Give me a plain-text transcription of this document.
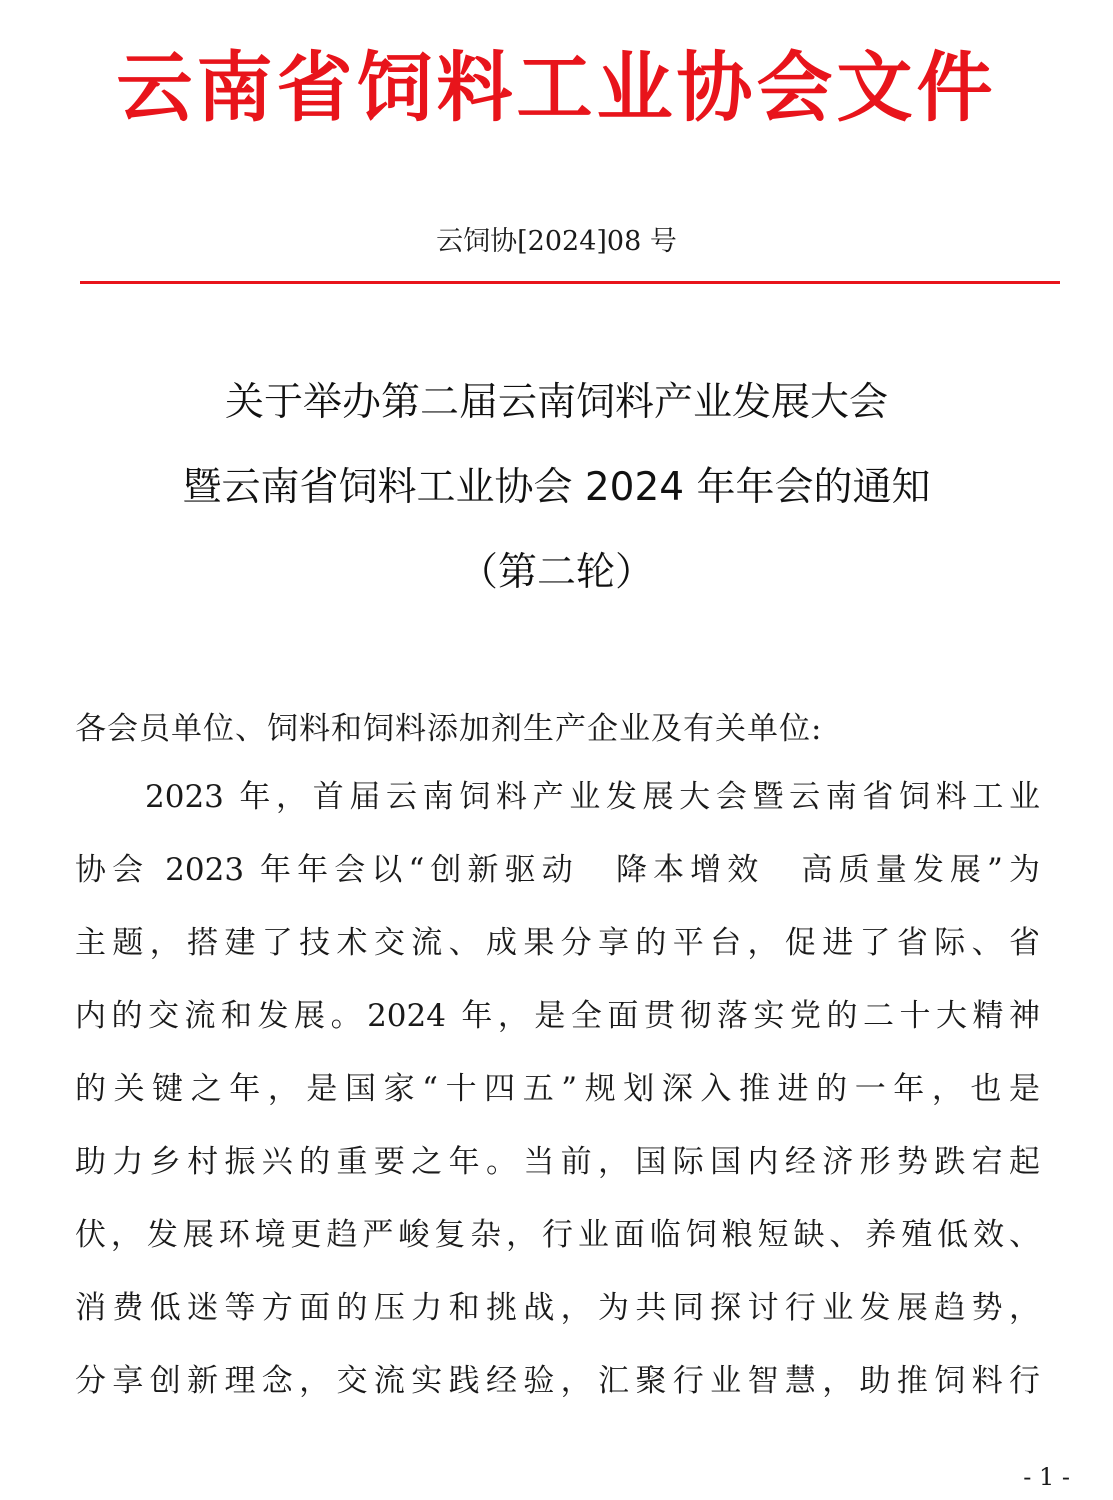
云南省饲料工业协会文件
云饲协[2024]08 号
关于举办第二届云南饲料产业发展大会
暨云南省饲料工业协会 2024 年年会的通知
（第二轮）
各会员单位、饲料和饲料添加剂生产企业及有关单位:
2023 年，首届云南饲料产业发展大会暨云南省饲料工业
协会 2023 年年会以“创新驱动　降本增效　高质量发展”为
主题，搭建了技术交流、成果分享的平台，促进了省际、省
内的交流和发展。2024 年，是全面贯彻落实党的二十大精神
的关键之年，是国家“十四五”规划深入推进的一年，也是
助力乡村振兴的重要之年。当前，国际国内经济形势跌宕起
伏，发展环境更趋严峻复杂，行业面临饲粮短缺、养殖低效、
消费低迷等方面的压力和挑战，为共同探讨行业发展趋势，
分享创新理念，交流实践经验，汇聚行业智慧，助推饲料行
- 1 -
